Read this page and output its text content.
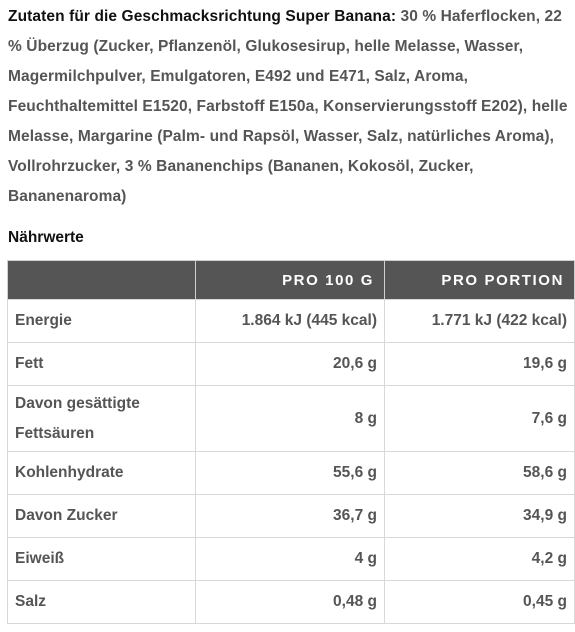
Zutaten für die Geschmacksrichtung Super Banana: 30 % Haferflocken, 22 % Überzug (Zucker, Pflanzenöl, Glukosesirup, helle Melasse, Wasser, Magermilchpulver, Emulgatoren, E492 und E471, Salz, Aroma, Feuchthaltemittel E1520, Farbstoff E150a, Konservierungsstoff E202), helle Melasse, Margarine (Palm- und Rapsöl, Wasser, Salz, natürliches Aroma), Vollrohrzucker, 3 % Bananenchips (Bananen, Kokosöl, Zucker, Bananenaroma)
Nährwerte
	PRO 100 G	PRO PORTION
Energie	1.864 kJ (445 kcal)	1.771 kJ (422 kcal)
Fett	20,6 g	19,6 g
Davon gesättigte Fettsäuren	8 g	7,6 g
Kohlenhydrate	55,6 g	58,6 g
Davon Zucker	36,7 g	34,9 g
Eiweiß	4 g	4,2 g
Salz	0,48 g	0,45 g
